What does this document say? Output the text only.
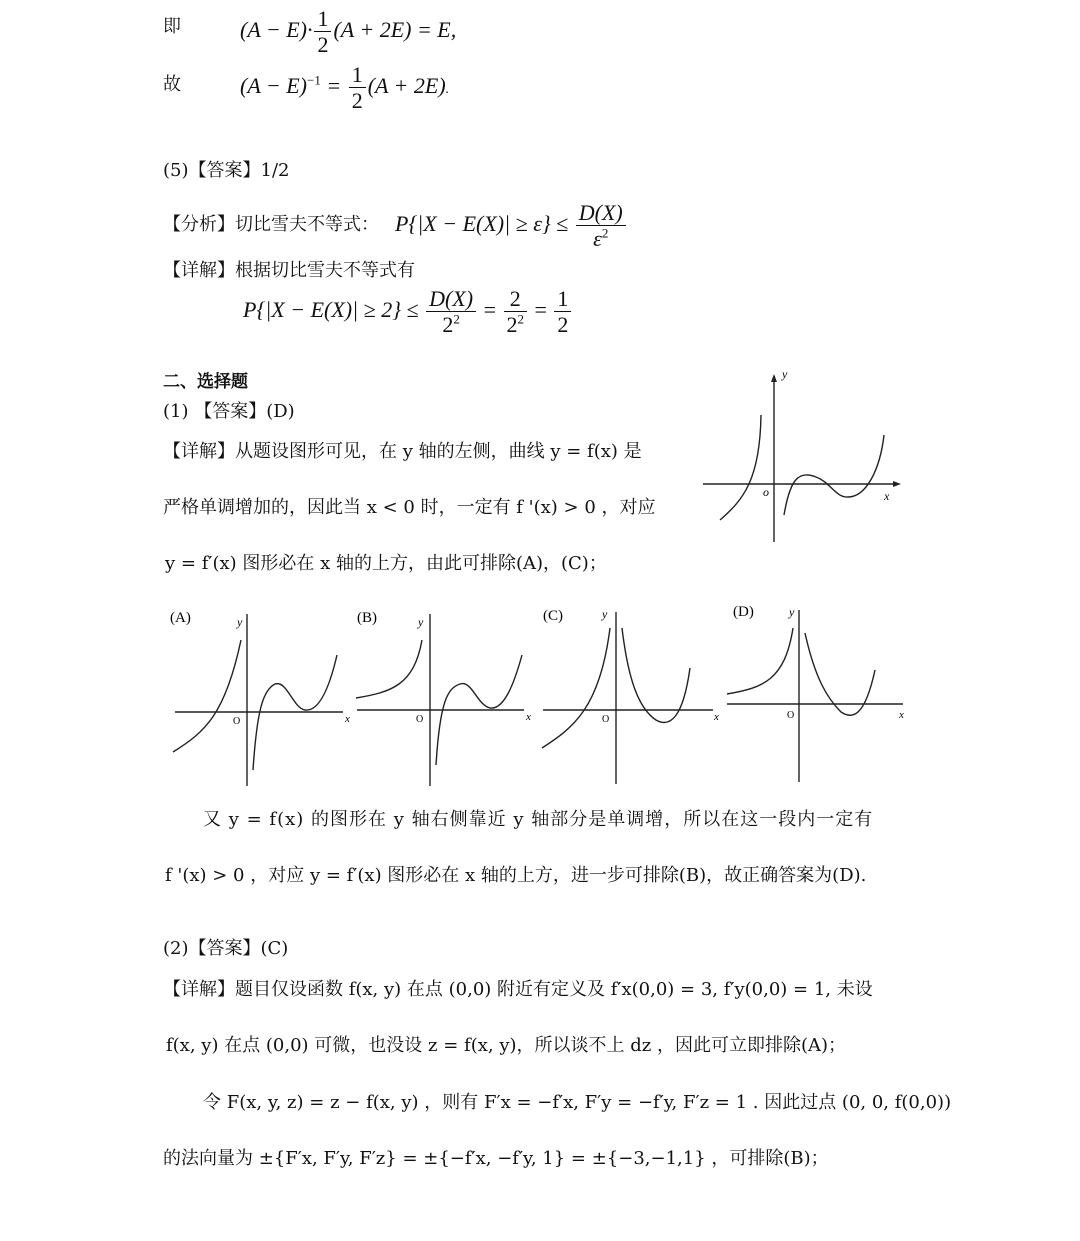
即	$(A - E)\cdot \frac{1}{2} (A + 2E) = E$,
故	$(A - E)^{-1} = \frac{1}{2} (A + 2E)$.
(5)【答案】1/2
【分析】切比雪夫不等式： $P\{|X - E(X)| \ge \varepsilon\} \le \frac{D(X)}{\varepsilon^2}$
【详解】根据切比雪夫不等式有
$P\{|X - E(X)| \ge 2\} \le \frac{D(X)}{2^2} = \frac{2}{2^2} = \frac{1}{2}$
二、选择题
(1) 【答案】(D)
【详解】从题设图形可见，在 y 轴的左侧，曲线 y = f(x) 是
严格单调增加的，因此当 x < 0 时，一定有 f '(x) > 0 ，对应
y = f′(x) 图形必在 x 轴的上方，由此可排除(A)，(C)；
y
o	x
(A)	y
O	x
(B)	y
O	x
(C)	y
O	x
(D)	y
O	x
又 y = f(x) 的图形在 y 轴右侧靠近 y 轴部分是单调增，所以在这一段内一定有
f '(x) > 0 ，对应 y = f′(x) 图形必在 x 轴的上方，进一步可排除(B)，故正确答案为(D).
(2)【答案】(C)
【详解】题目仅设函数 f(x, y) 在点 (0,0) 附近有定义及 f′x(0,0) = 3, f′y(0,0) = 1, 未设
f(x, y) 在点 (0,0) 可微，也没设 z = f(x, y)，所以谈不上 dz ，因此可立即排除(A)；
令 F(x, y, z) = z − f(x, y) ，则有 F′x = −f′x, F′y = −f′y, F′z = 1 . 因此过点 (0, 0, f(0,0))
的法向量为 ±{F′x, F′y, F′z} = ±{−f′x, −f′y, 1} = ±{−3,−1,1} ，可排除(B)；
